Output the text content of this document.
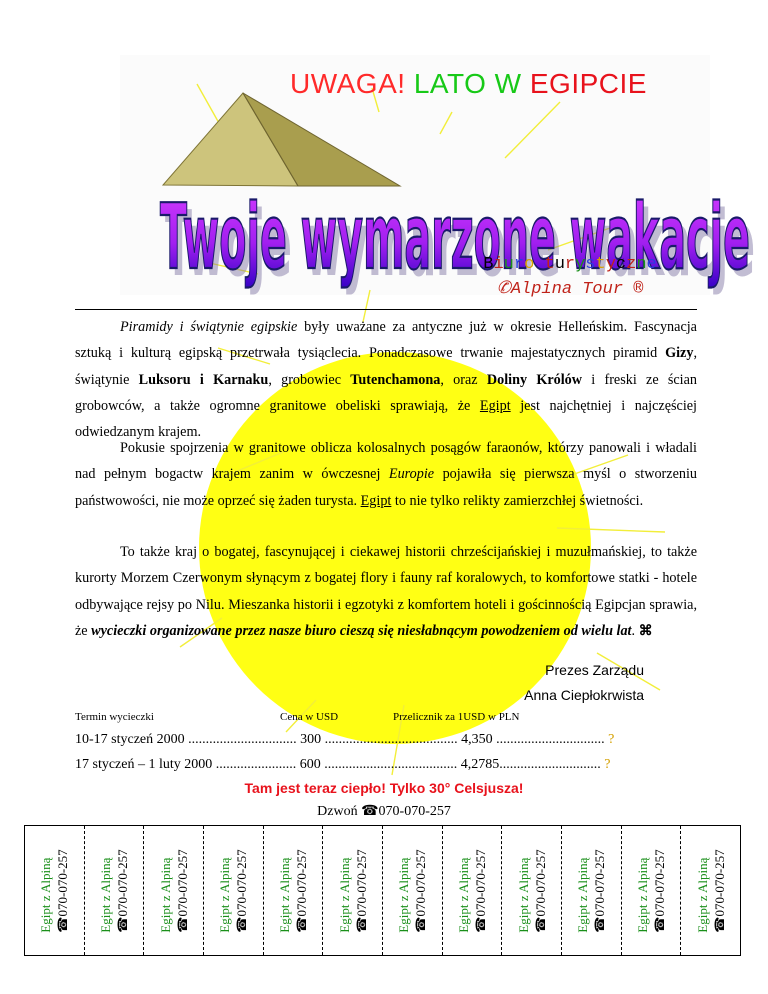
Twoje wymarzone wakacje
Twoje wymarzone wakacje
UWAGA! LATO W EGIPCIE
Biuro turystyczne
✆Alpina Tour ®

Piramidy i świątynie egipskie były uważane za antyczne już w okresie Helleńskim. Fascynacja sztuką i kulturą egipską przetrwała tysiąclecia. Ponadczasowe trwanie majestatycznych piramid Gizy, świątynie Luksoru i Karnaku, grobowiec Tutenchamona, oraz Doliny Królów i freski ze ścian grobowców, a także ogromne granitowe obeliski sprawiają, że Egipt jest najchętniej i najczęściej odwiedzanym krajem.

Pokusie spojrzenia w granitowe oblicza kolosalnych posągów faraonów, którzy panowali i władali nad pełnym bogactw krajem zanim w ówczesnej Europie pojawiła się pierwsza myśl o stworzeniu państwowości, nie może oprzeć się żaden turysta. Egipt to nie tylko relikty zamierzchłej świetności.

To także kraj o bogatej, fascynującej i ciekawej historii chrześcijańskiej i muzułmańskiej, to także kurorty Morzem Czerwonym słynącym z bogatej flory i fauny raf koralowych, to komfortowe statki - hotele odbywające rejsy po Nilu. Mieszanka historii i egzotyki z komfortem hoteli i gościnnością Egipcjan sprawia, że wycieczki organizowane przez nasze biuro cieszą się niesłabnącym powodzeniem od wielu lat. ⌘

Prezes Zarządu
Anna Ciepłokrwista
Termin wycieczki	Cena w USD	Przelicznik za 1USD w PLN
10-17 styczeń 2000 ............................... 300 ...................................... 4,350 ............................... ?
17 styczeń – 1 luty 2000 ....................... 600 ...................................... 4,2785............................. ?
Tam jest teraz ciepło! Tylko 30° Celsjusza!
Dzwoń ☎070-070-257
Egipt z Alpiną ☎070-070-257 Egipt z Alpiną ☎070-070-257 Egipt z Alpiną ☎070-070-257 Egipt z Alpiną ☎070-070-257 Egipt z Alpiną ☎070-070-257 Egipt z Alpiną ☎070-070-257 Egipt z Alpiną ☎070-070-257 Egipt z Alpiną ☎070-070-257 Egipt z Alpiną ☎070-070-257 Egipt z Alpiną ☎070-070-257 Egipt z Alpiną ☎070-070-257 Egipt z Alpiną ☎070-070-257
